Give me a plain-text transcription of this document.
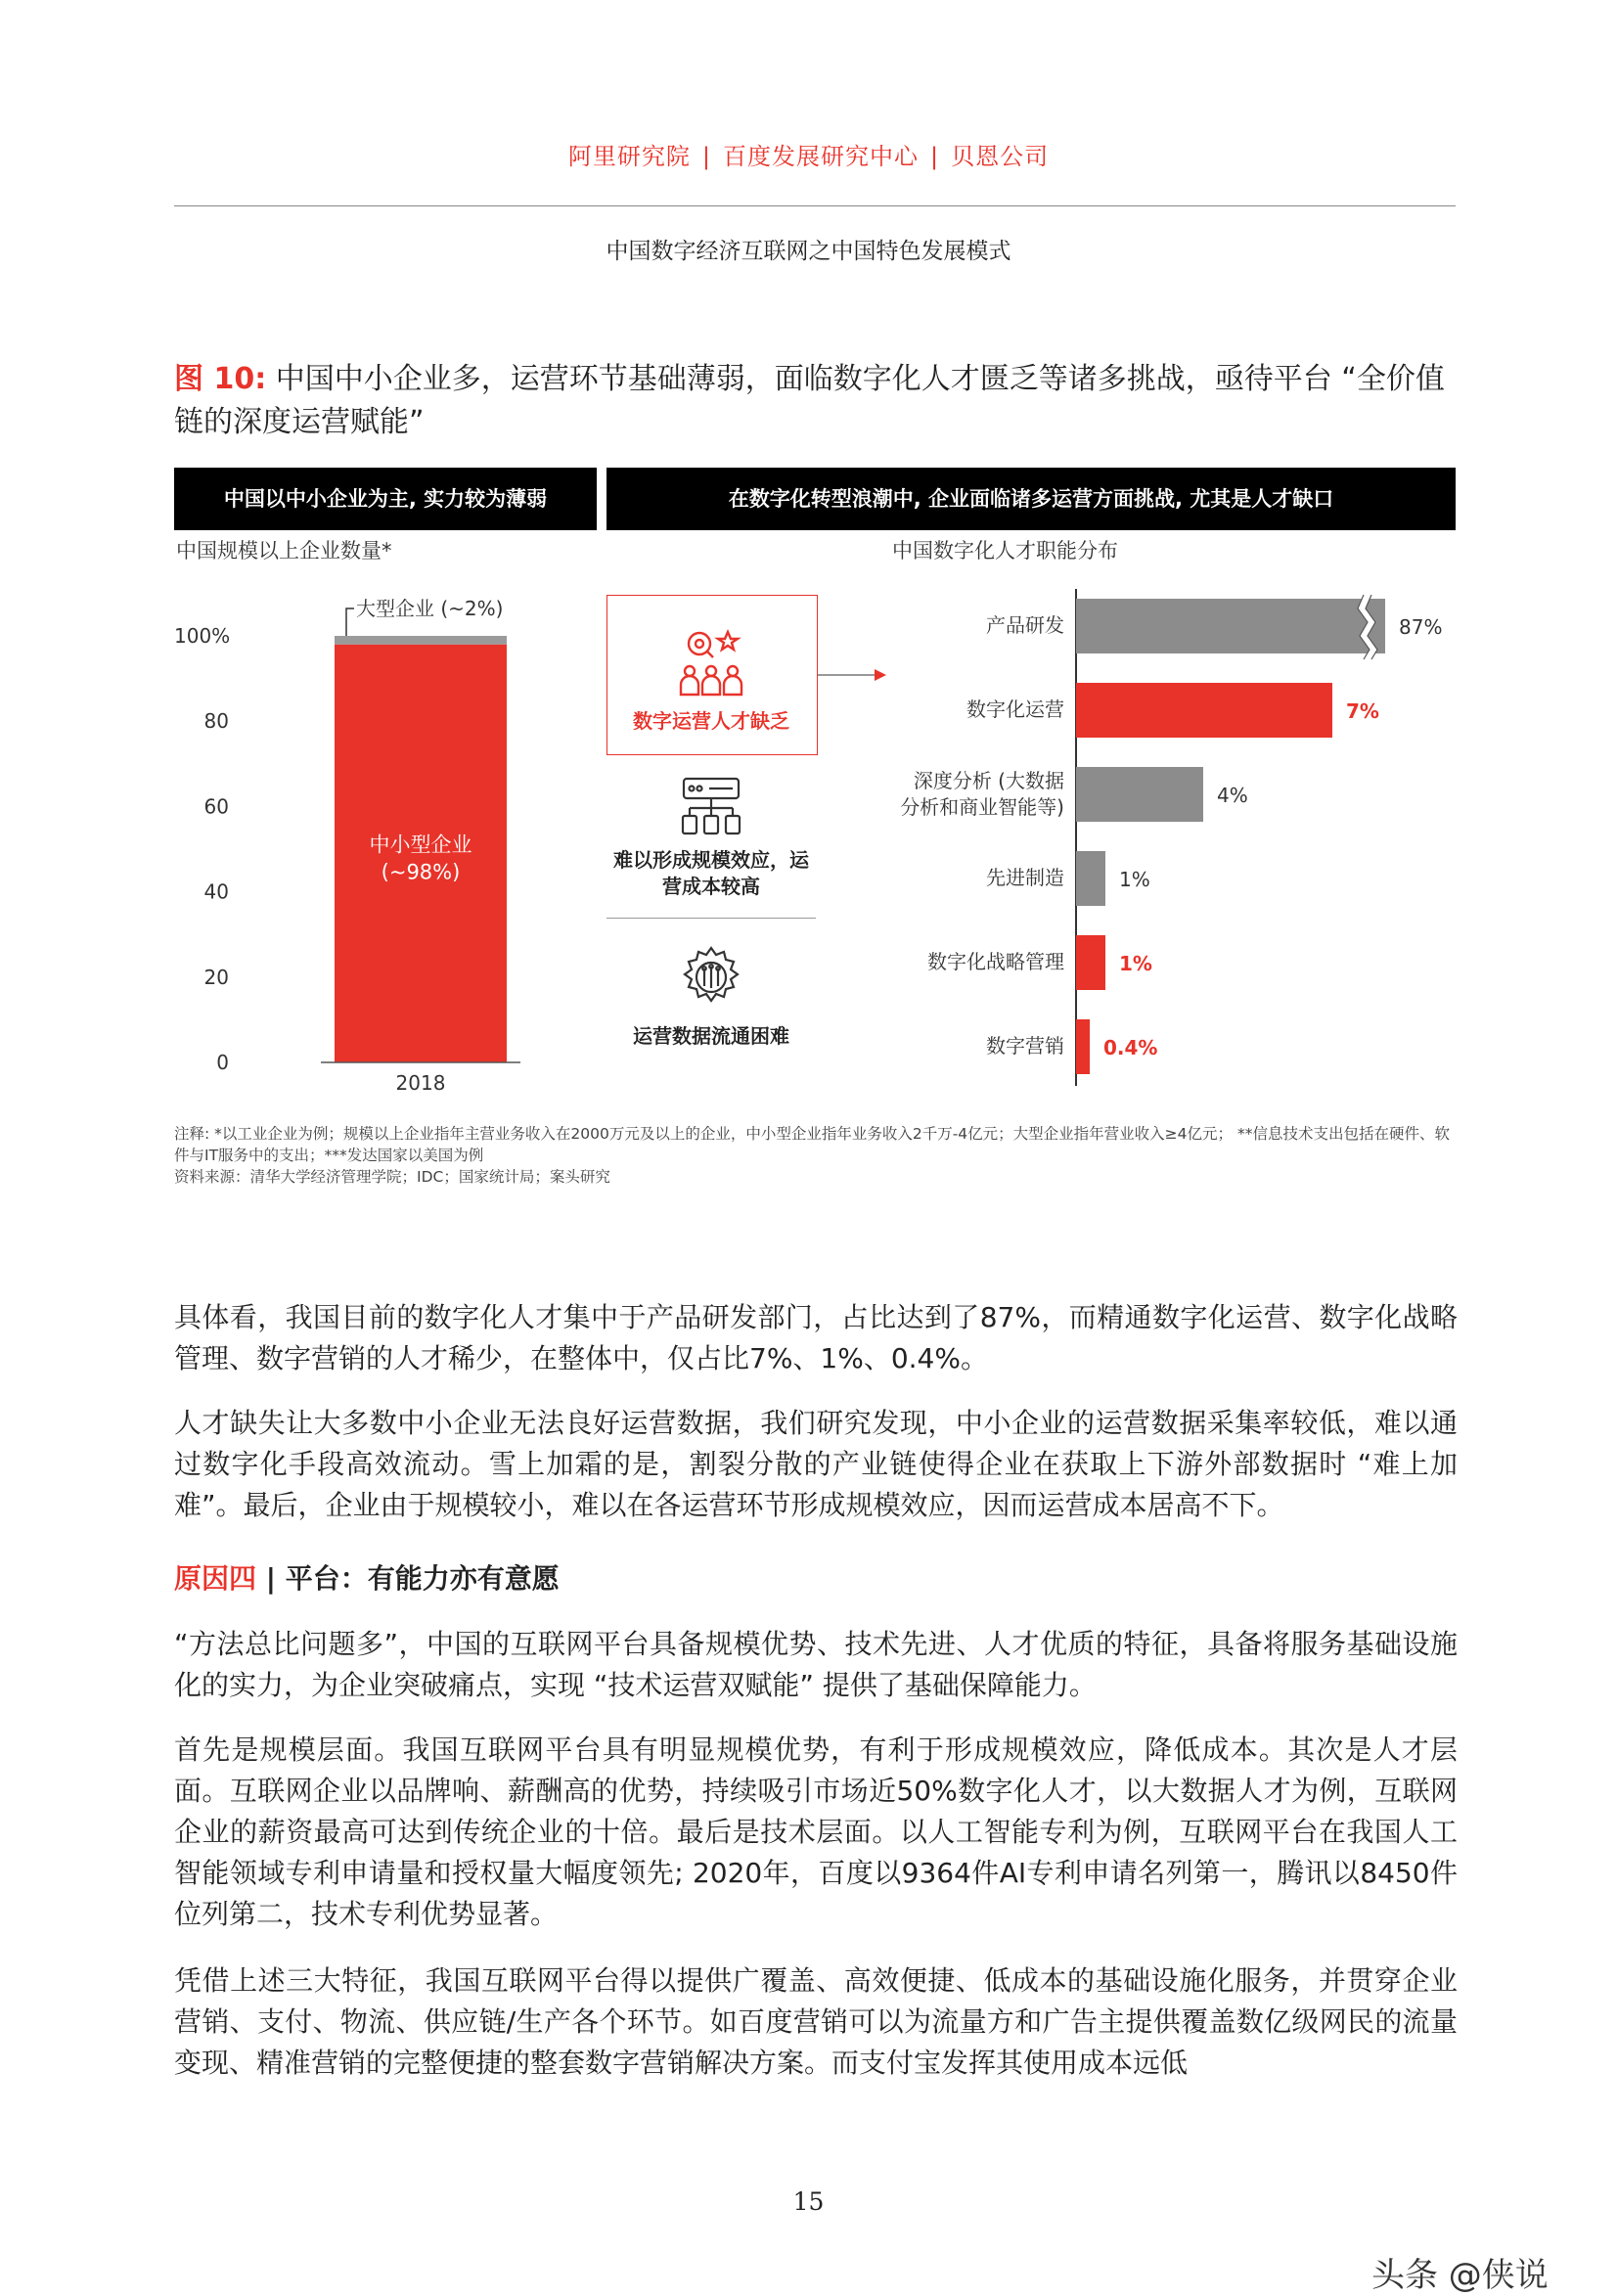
阿里研究院 | 百度发展研究中心 | 贝恩公司
中国数字经济互联网之中国特色发展模式
图 10: 中国中小企业多，运营环节基础薄弱，面临数字化人才匮乏等诸多挑战，亟待平台 “全价值链的深度运营赋能”
中国以中小企业为主, 实力较为薄弱	在数字化转型浪潮中, 企业面临诸多运营方面挑战, 尤其是人才缺口
中国规模以上企业数量*	中国数字化人才职能分布
0
20
40
60
80
100%
中小型企业
(~98%)
大型企业 (~2%)
2018
数字运营人才缺乏
难以形成规模效应，运营成本较高
运营数据流通困难
87%
7%
4%
1%
1%
0.4%
产品研发
数字化运营
深度分析 (大数据
分析和商业智能等)
先进制造
数字化战略管理
数字营销
注释: *以工业企业为例；规模以上企业指年主营业务收入在2000万元及以上的企业，中小型企业指年业务收入2千万-4亿元；大型企业指年营业收入≥4亿元； **信息技术支出包括在硬件、软件与IT服务中的支出；***发达国家以美国为例
资料来源：清华大学经济管理学院；IDC；国家统计局；案头研究
具体看，我国目前的数字化人才集中于产品研发部门，占比达到了87%，而精通数字化运营、数字化战略管理、数字营销的人才稀少，在整体中，仅占比7%、1%、0.4%。
人才缺失让大多数中小企业无法良好运营数据，我们研究发现，中小企业的运营数据采集率较低，难以通过数字化手段高效流动。雪上加霜的是，割裂分散的产业链使得企业在获取上下游外部数据时 “难上加难”。最后，企业由于规模较小，难以在各运营环节形成规模效应，因而运营成本居高不下。
原因四 | 平台：有能力亦有意愿
“方法总比问题多”，中国的互联网平台具备规模优势、技术先进、人才优质的特征，具备将服务基础设施化的实力，为企业突破痛点，实现 “技术运营双赋能” 提供了基础保障能力。
首先是规模层面。我国互联网平台具有明显规模优势，有利于形成规模效应，降低成本。其次是人才层面。互联网企业以品牌响、薪酬高的优势，持续吸引市场近50%数字化人才，以大数据人才为例，互联网企业的薪资最高可达到传统企业的十倍。最后是技术层面。以人工智能专利为例，互联网平台在我国人工智能领域专利申请量和授权量大幅度领先; 2020年，百度以9364件AI专利申请名列第一，腾讯以8450件位列第二，技术专利优势显著。
凭借上述三大特征，我国互联网平台得以提供广覆盖、高效便捷、低成本的基础设施化服务，并贯穿企业营销、支付、物流、供应链/生产各个环节。如百度营销可以为流量方和广告主提供覆盖数亿级网民的流量变现、精准营销的完整便捷的整套数字营销解决方案。而支付宝发挥其使用成本远低
15
头条 @侠说
